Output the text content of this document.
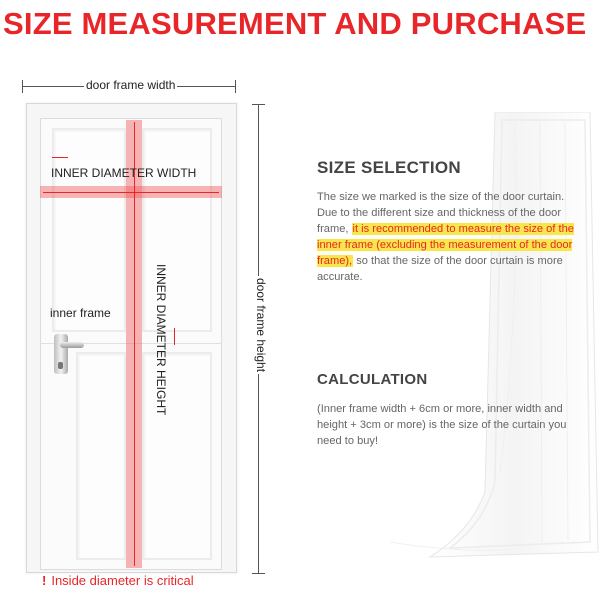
SIZE MEASUREMENT AND PURCHASE
door frame width
door frame height
INNER DIAMETER WIDTH
INNER DIAMETER HEIGHT
inner frame
! Inside diameter is critical
SIZE SELECTION
The size we marked is the size of the door curtain. Due to the different size and thickness of the door frame, it is recommended to measure the size of the inner frame (excluding the measurement of the door frame), so that the size of the door curtain is more accurate.
CALCULATION
(Inner frame width + 6cm or more, inner width and height + 3cm or more) is the size of the curtain you need to buy!
